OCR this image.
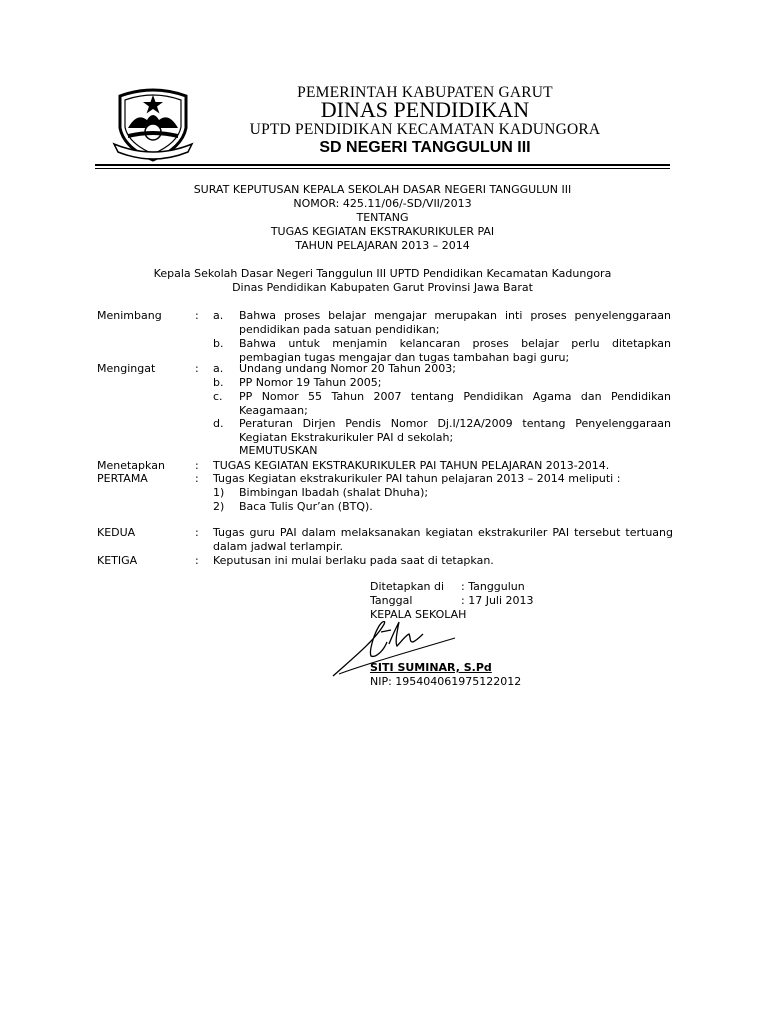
PEMERINTAH KABUPATEN GARUT
DINAS PENDIDIKAN
UPTD PENDIDIKAN KECAMATAN KADUNGORA
SD NEGERI TANGGULUN III
SURAT KEPUTUSAN KEPALA SEKOLAH DASAR NEGERI TANGGULUN III
NOMOR: 425.11/06/-SD/VII/2013
TENTANG
TUGAS KEGIATAN EKSTRAKURIKULER PAI
TAHUN PELAJARAN 2013 – 2014
Kepala Sekolah Dasar Negeri Tanggulun III UPTD Pendidikan Kecamatan Kadungora
Dinas Pendidikan Kabupaten Garut Provinsi Jawa Barat
Menimbang	: a. Bahwa proses belajar mengajar merupakan inti proses penyelenggaraan pendidikan pada satuan pendidikan;
b. Bahwa untuk menjamin kelancaran proses belajar perlu ditetapkan pembagian tugas mengajar dan tugas tambahan bagi guru;
Mengingat	: a. Undang undang Nomor 20 Tahun 2003;
b. PP Nomor 19 Tahun 2005;
c. PP Nomor 55 Tahun 2007 tentang Pendidikan Agama dan Pendidikan Keagamaan;
d. Peraturan Dirjen Pendis Nomor Dj.I/12A/2009 tentang Penyelenggaraan Kegiatan Ekstrakurikuler PAI d sekolah;
MEMUTUSKAN
Menetapkan	: TUGAS KEGIATAN EKSTRAKURIKULER PAI TAHUN PELAJARAN 2013-2014.
PERTAMA	: Tugas Kegiatan ekstrakurikuler PAI tahun pelajaran 2013 – 2014 meliputi :
1) Bimbingan Ibadah (shalat Dhuha);
2) Baca Tulis Qur’an (BTQ).
KEDUA	: Tugas guru PAI dalam melaksanakan kegiatan ekstrakuriler PAI tersebut tertuang dalam jadwal terlampir.
KETIGA	: Keputusan ini mulai berlaku pada saat di tetapkan.
Ditetapkan di : Tanggulun
Tanggal	: 17 Juli 2013
KEPALA SEKOLAH
SITI SUMINAR, S.Pd
NIP: 195404061975122012
